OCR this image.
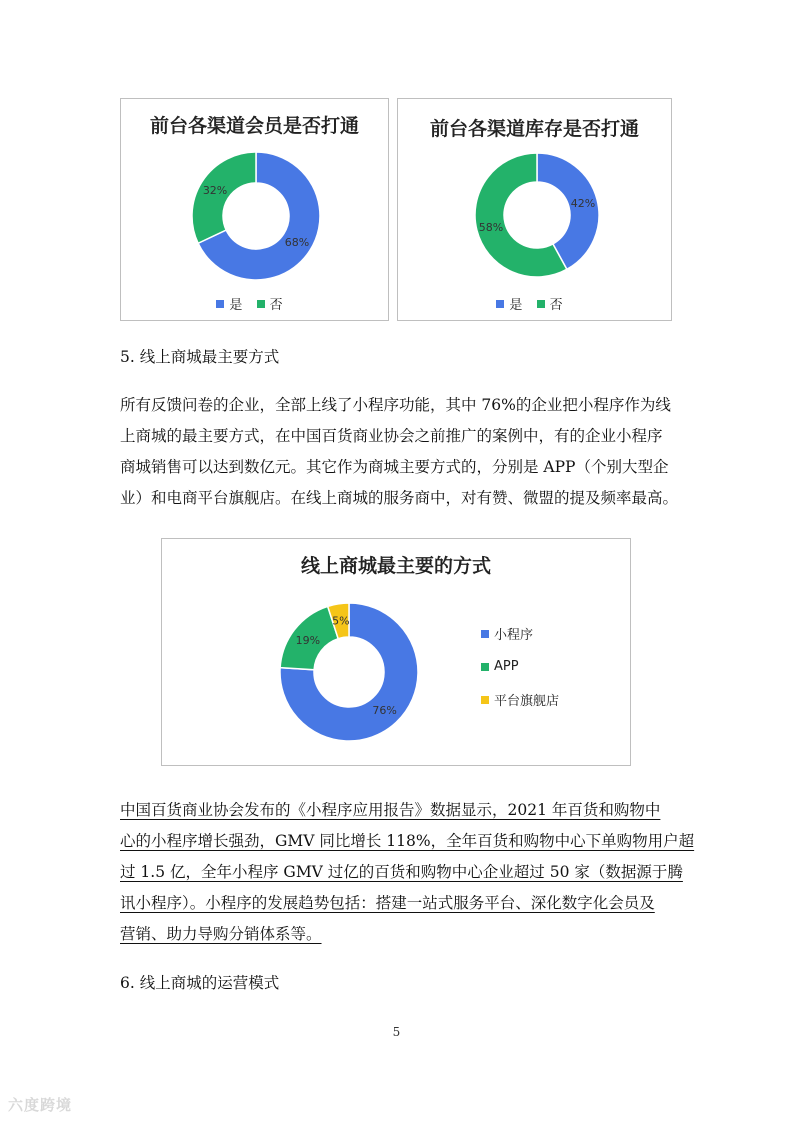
前台各渠道会员是否打通
68%
32%
是
否
前台各渠道库存是否打通
42%
58%
是
否
5. 线上商城最主要方式
所有反馈问卷的企业，全部上线了小程序功能，其中 76%的企业把小程序作为线
上商城的最主要方式，在中国百货商业协会之前推广的案例中，有的企业小程序
商城销售可以达到数亿元。其它作为商城主要方式的，分别是 APP（个别大型企
业）和电商平台旗舰店。在线上商城的服务商中，对有赞、微盟的提及频率最高。
线上商城最主要的方式
76%
19%
5%
小程序
APP
平台旗舰店
中国百货商业协会发布的《小程序应用报告》数据显示，2021 年百货和购物中
心的小程序增长强劲，GMV 同比增长 118%，全年百货和购物中心下单购物用户超
过 1.5 亿，全年小程序 GMV 过亿的百货和购物中心企业超过 50 家（数据源于腾
讯小程序）。小程序的发展趋势包括：搭建一站式服务平台、深化数字化会员及
营销、助力导购分销体系等。
6. 线上商城的运营模式
5
六度跨境
